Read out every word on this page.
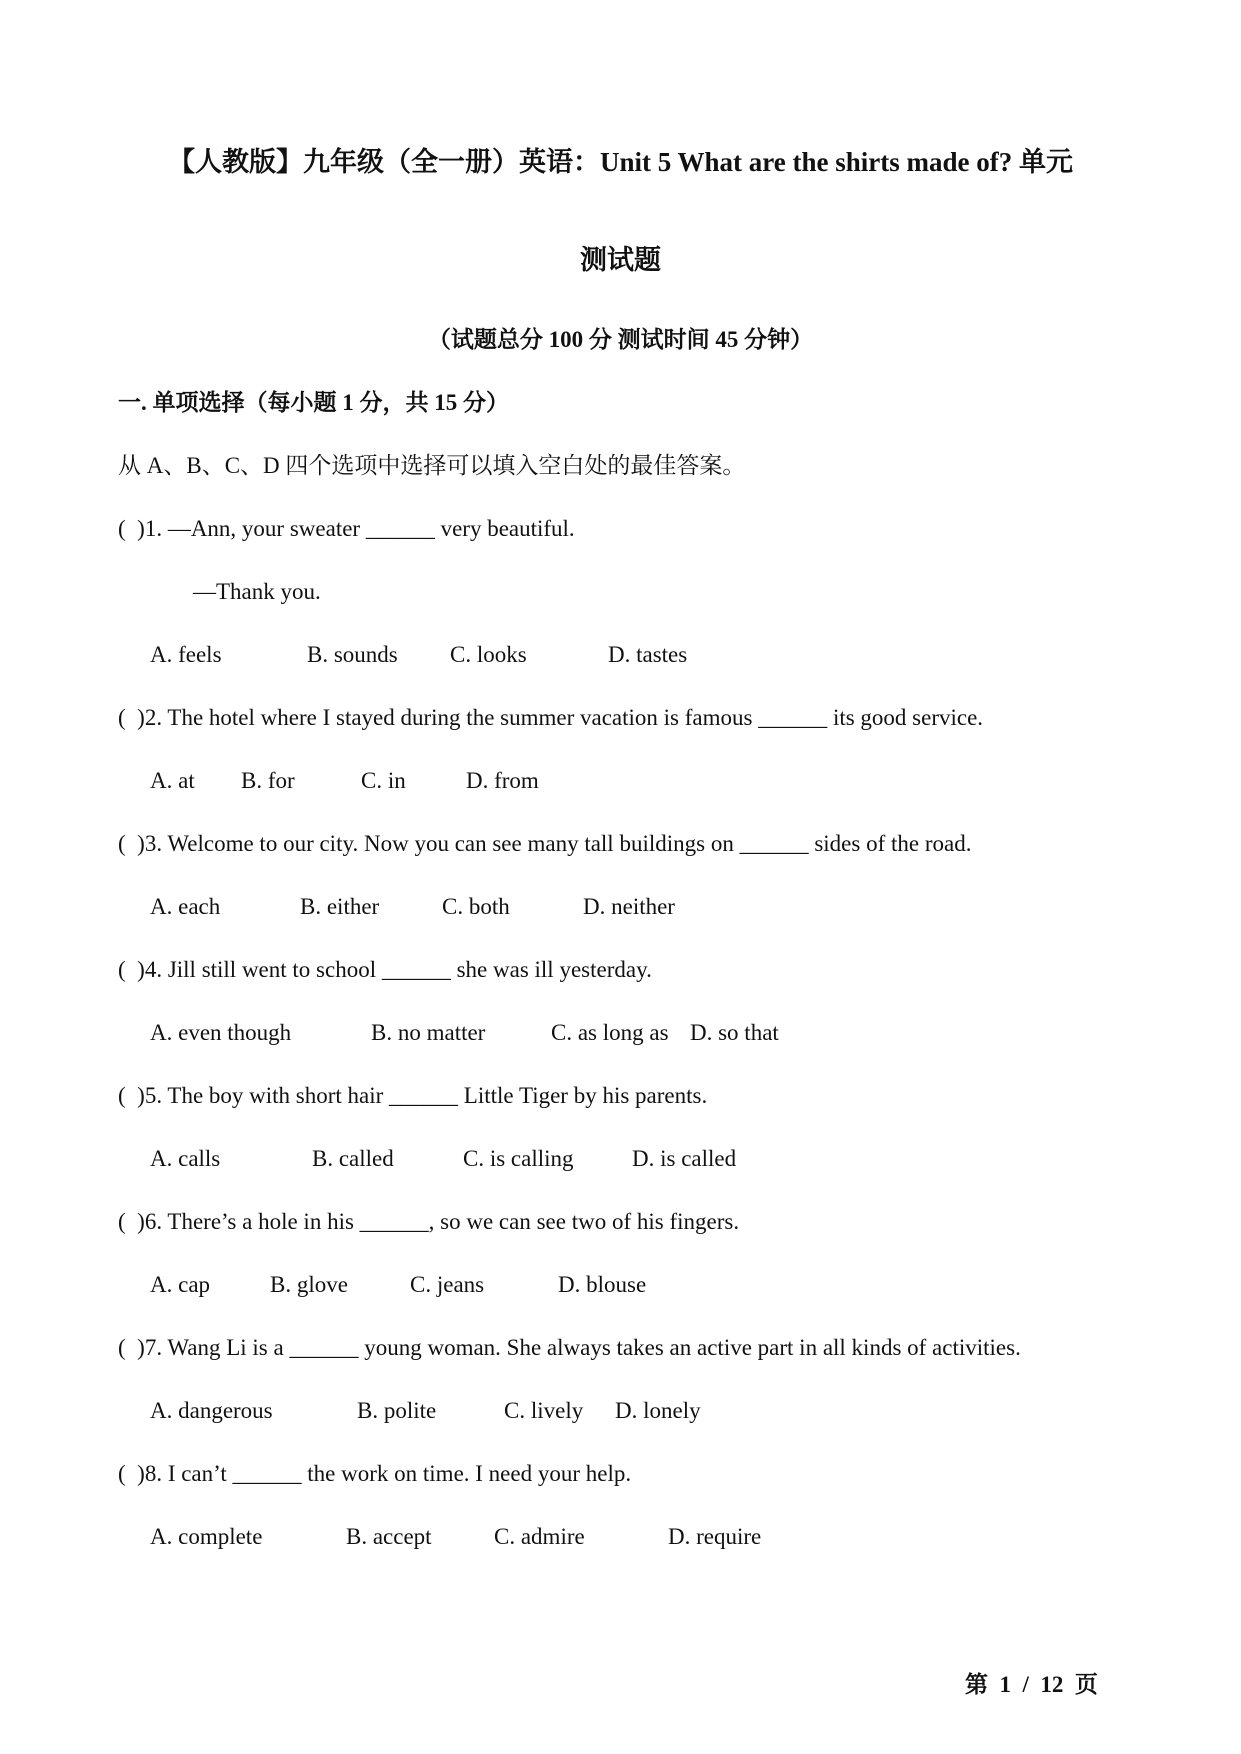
【人教版】九年级（全一册）英语：Unit 5 What are the shirts made of? 单元
测试题
（试题总分 100 分 测试时间 45 分钟）
一. 单项选择（每小题 1 分，共 15 分）
从 A、B、C、D 四个选项中选择可以填入空白处的最佳答案。
(  )1. —Ann, your sweater ______ very beautiful.
—Thank you.
A. feels	B. sounds C. looks	D. tastes
(  )2. The hotel where I stayed during the summer vacation is famous ______ its good service.
A. at B. for	C. in	D. from
(  )3. Welcome to our city. Now you can see many tall buildings on ______ sides of the road.
A. each	B. either	C. both	D. neither
(  )4. Jill still went to school ______ she was ill yesterday.
A. even though	B. no matter	C. as long as D. so that
(  )5. The boy with short hair ______ Little Tiger by his parents.
A. calls	B. called	C. is calling	D. is called
(  )6. There’s a hole in his ______, so we can see two of his fingers.
A. cap	B. glove	C. jeans	D. blouse
(  )7. Wang Li is a ______ young woman. She always takes an active part in all kinds of activities.
A. dangerous	B. polite	C. lively D. lonely
(  )8. I can’t ______ the work on time. I need your help.
A. complete	B. accept	C. admire	D. require
第  1  /  12  页
